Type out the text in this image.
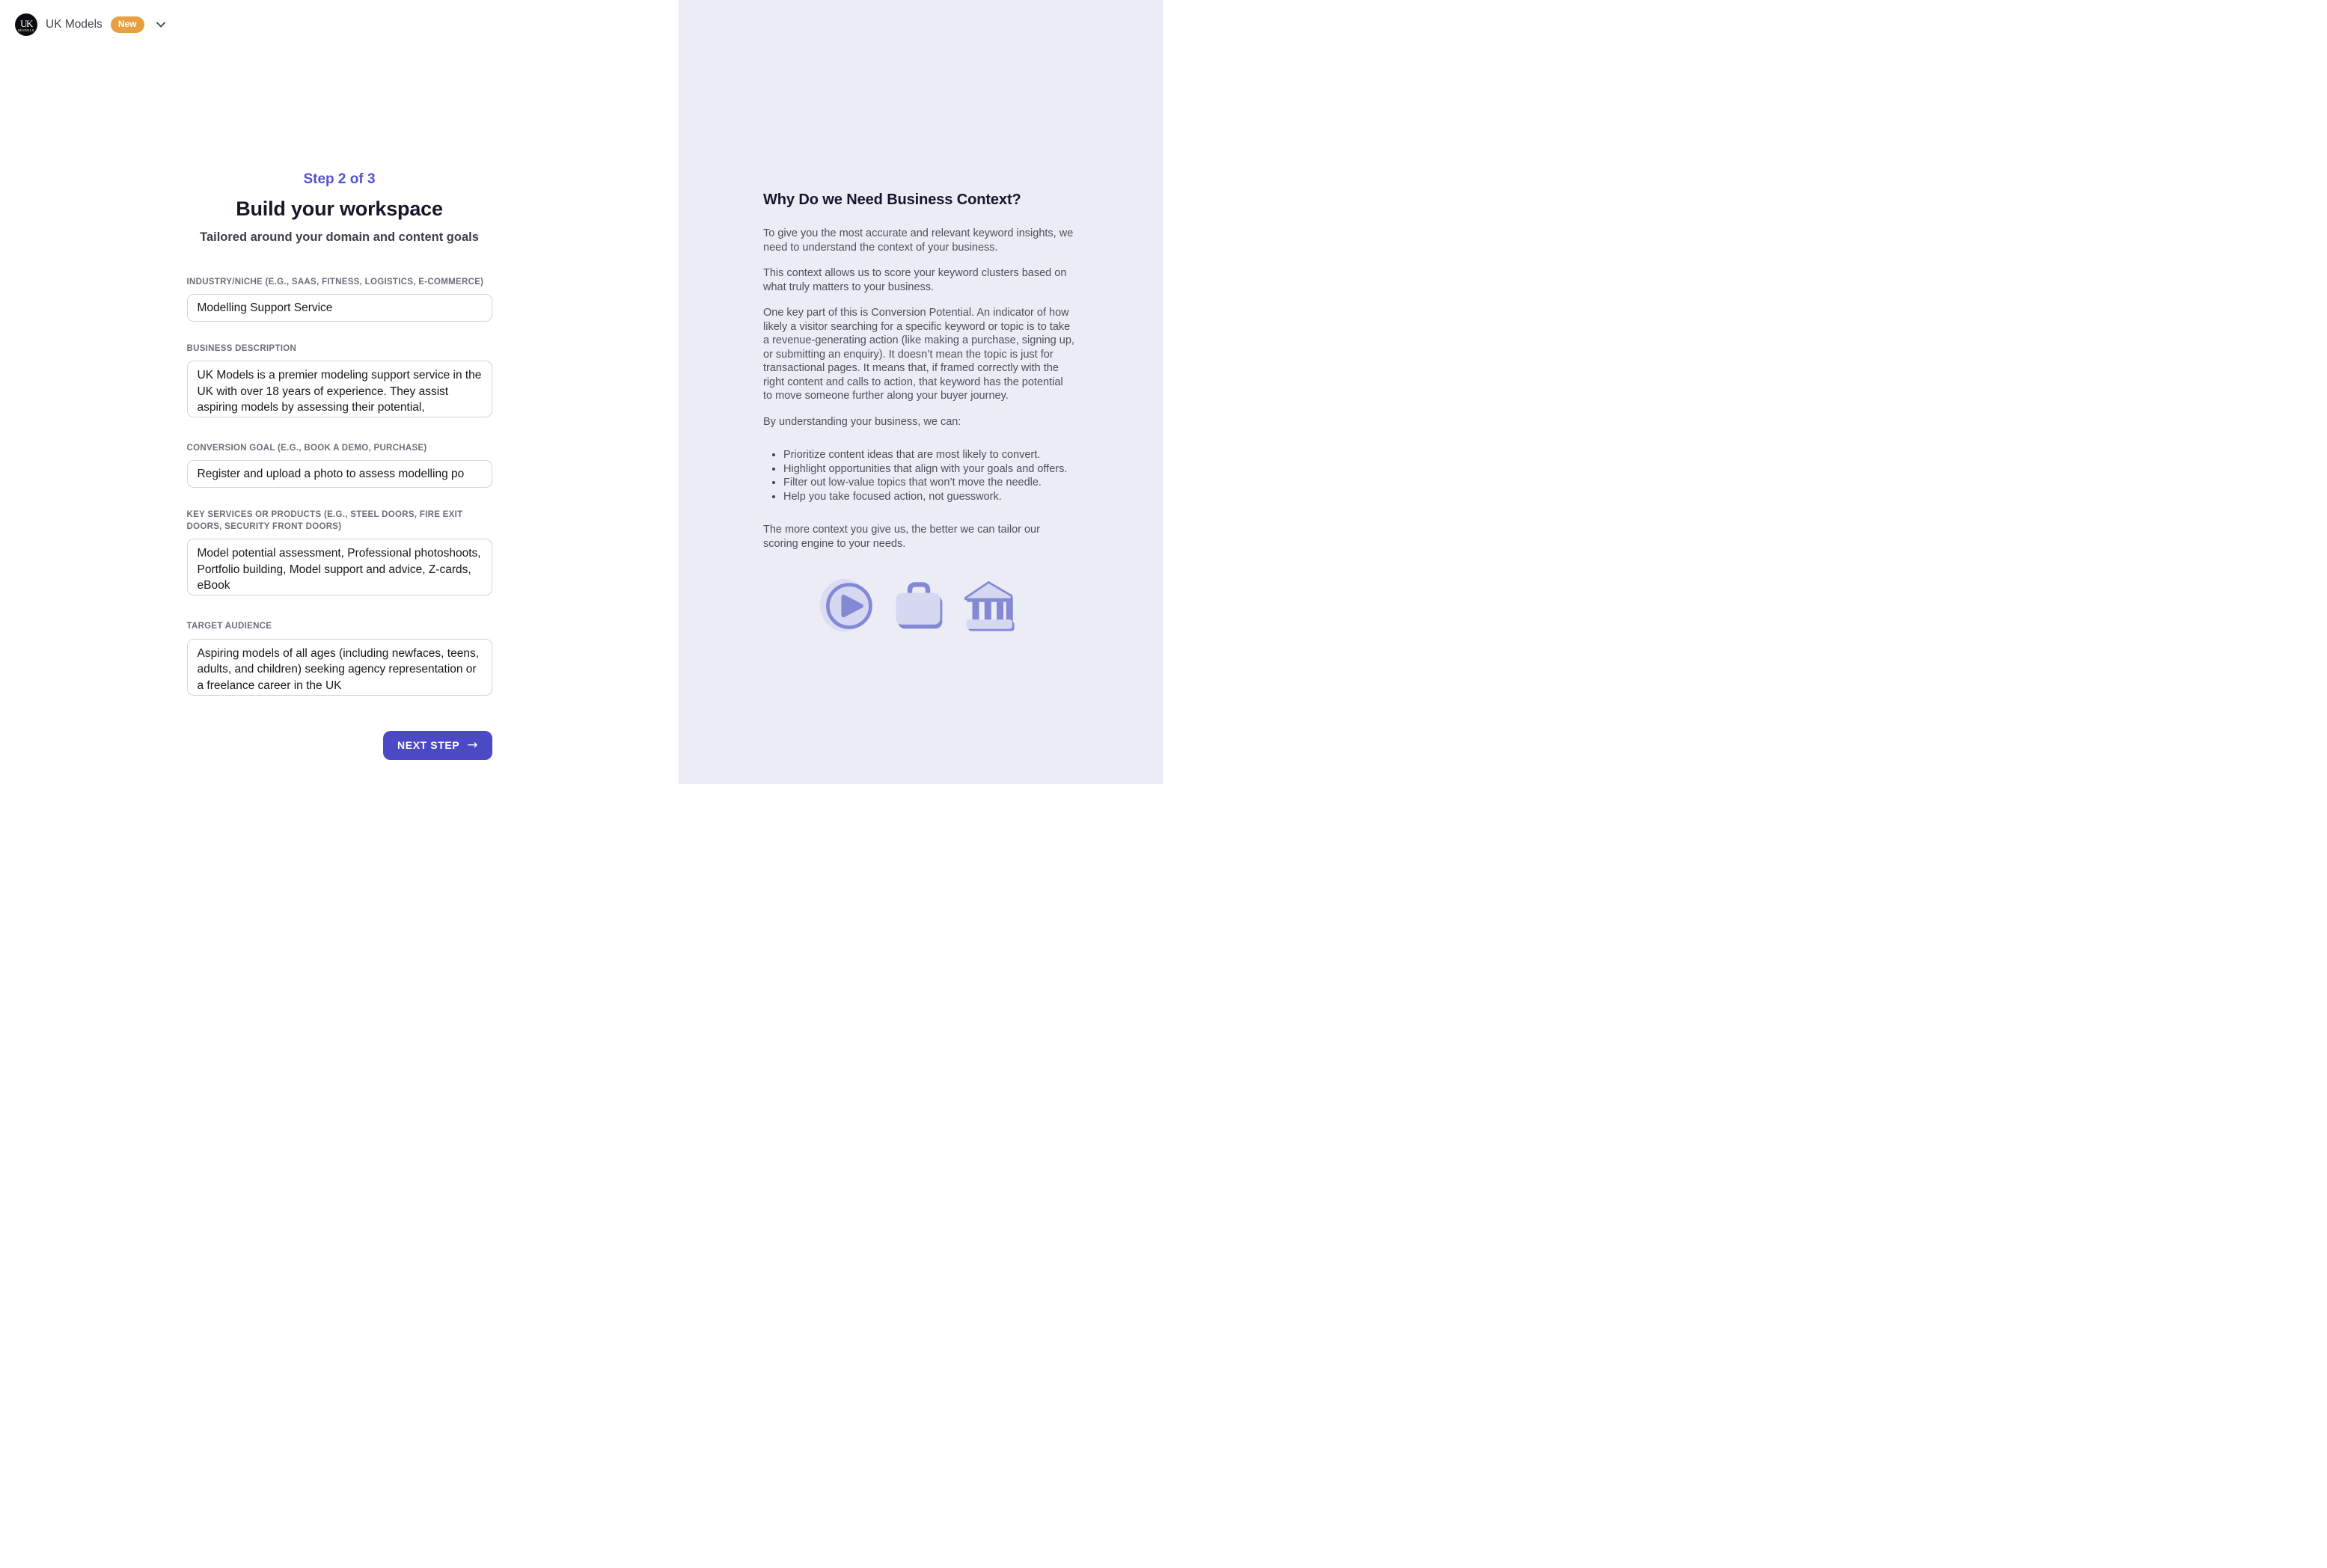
UK
MODELS UK Models	New

Step 2 of 3

Build your workspace

Tailored around your domain and content goals

INDUSTRY/NICHE (E.G., SAAS, FITNESS, LOGISTICS, E-COMMERCE)
Modelling Support Service
BUSINESS DESCRIPTION
UK Models is a premier modeling support service in the UK with over 18 years of experience. They assist aspiring models by assessing their potential,
CONVERSION GOAL (E.G., BOOK A DEMO, PURCHASE)
Register and upload a photo to assess modelling po
KEY SERVICES OR PRODUCTS (E.G., STEEL DOORS, FIRE EXIT DOORS, SECURITY FRONT DOORS)
Model potential assessment, Professional photoshoots, Portfolio building, Model support and advice, Z-cards, eBook
TARGET AUDIENCE
Aspiring models of all ages (including newfaces, teens, adults, and children) seeking agency representation or a freelance career in the UK
NEXT STEP →
Why Do we Need Business Context?

To give you the most accurate and relevant keyword insights, we need to understand the context of your business.

This context allows us to score your keyword clusters based on what truly matters to your business.

One key part of this is Conversion Potential. An indicator of how likely a visitor searching for a specific keyword or topic is to take a revenue-generating action (like making a purchase, signing up, or submitting an enquiry). It doesn’t mean the topic is just for transactional pages. It means that, if framed correctly with the right content and calls to action, that keyword has the potential to move someone further along your buyer journey.

By understanding your business, we can:

• Prioritize content ideas that are most likely to convert.
• Highlight opportunities that align with your goals and offers.
• Filter out low-value topics that won’t move the needle.
• Help you take focused action, not guesswork.

The more context you give us, the better we can tailor our scoring engine to your needs.
